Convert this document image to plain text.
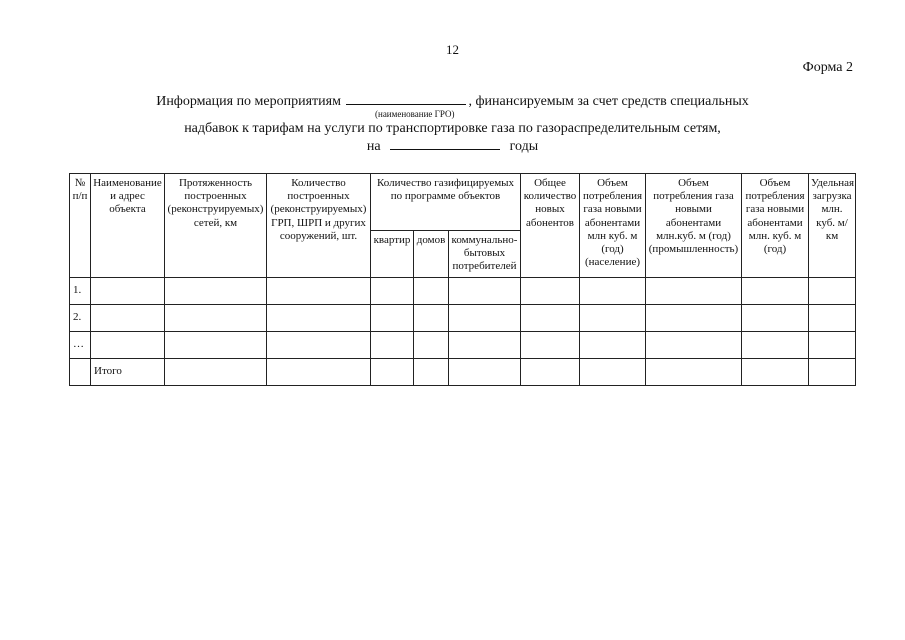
12
Форма 2
Информация по мероприятиям	, финансируемым за счет средств специальных
(наименование ГРО)
надбавок к тарифам на услуги по транспортировке газа по газораспределительным сетям,
на	годы
№ п/п	Наименование и адрес объекта	Протяженность построенных (реконструируемых) сетей, км	Количество построенных (реконструируемых) ГРП, ШРП и других сооружений, шт.	Количество газифицируемых по программе объектов			Общее количество новых абонентов	Объем потребления газа новыми абонентами млн куб. м (год) (население)	Объем потребления газа новыми абонентами млн.куб. м (год) (промышленность)	Объем потребления газа новыми абонентами млн. куб. м (год)	Удельная загрузка млн. куб. м/км
				квартир	домов	коммунально-бытовых потребителей					
1.											
2.											
…											
	Итого										
